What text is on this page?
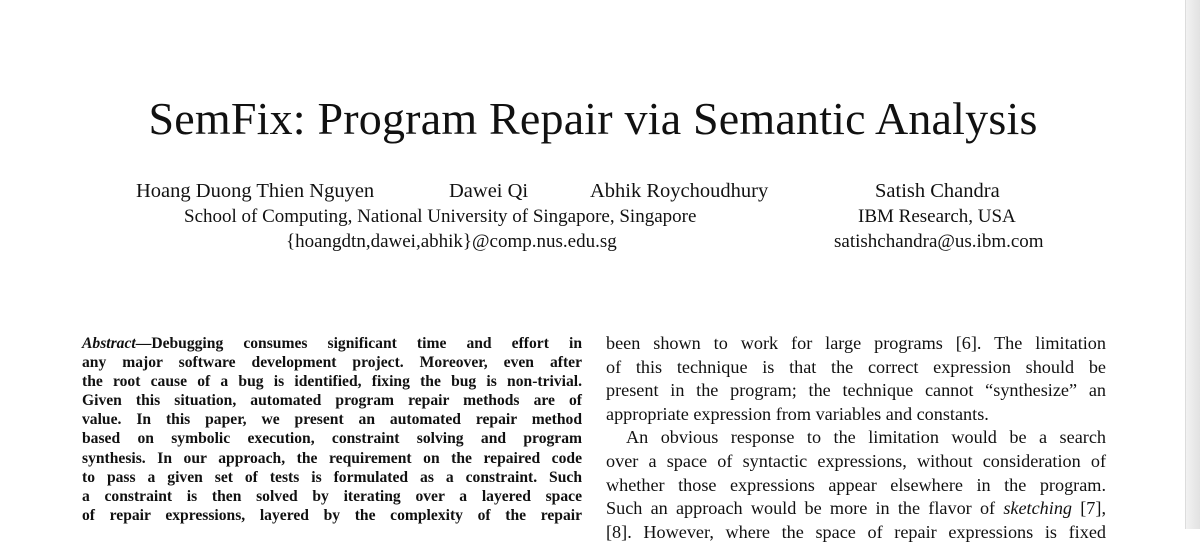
SemFix: Program Repair via Semantic Analysis
Hoang Duong Thien Nguyen	Dawei Qi	Abhik Roychoudhury
School of Computing, National University of Singapore, Singapore
{hoangdtn,dawei,abhik}@comp.nus.edu.sg
Satish Chandra
IBM Research, USA
satishchandra@us.ibm.com
Abstract—Debugging consumes significant time and effort in
any major software development project. Moreover, even after
the root cause of a bug is identified, fixing the bug is non-trivial.
Given this situation, automated program repair methods are of
value. In this paper, we present an automated repair method
based on symbolic execution, constraint solving and program
synthesis. In our approach, the requirement on the repaired code
to pass a given set of tests is formulated as a constraint. Such
a constraint is then solved by iterating over a layered space
of repair expressions, layered by the complexity of the repair
been shown to work for large programs [6]. The limitation
of this technique is that the correct expression should be
present in the program; the technique cannot “synthesize” an
appropriate expression from variables and constants.
An obvious response to the limitation would be a search
over a space of syntactic expressions, without consideration of
whether those expressions appear elsewhere in the program.
Such an approach would be more in the flavor of sketching [7],
[8]. However, where the space of repair expressions is fixed
